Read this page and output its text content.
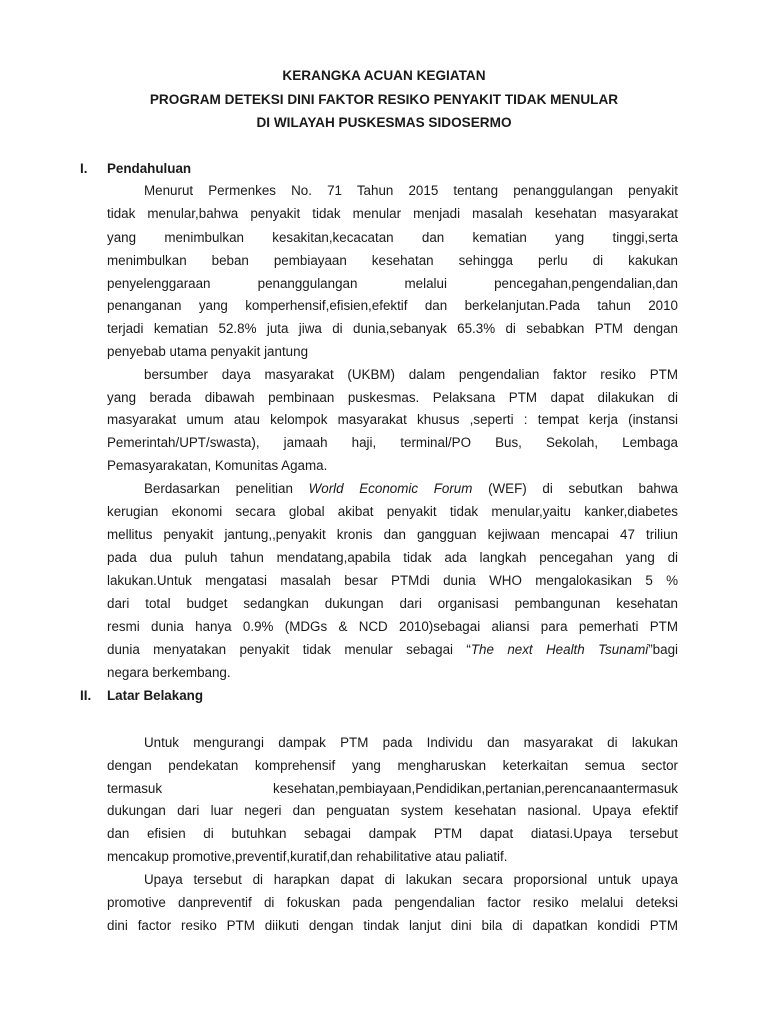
KERANGKA ACUAN KEGIATAN
PROGRAM DETEKSI DINI FAKTOR RESIKO PENYAKIT TIDAK MENULAR
DI WILAYAH PUSKESMAS SIDOSERMO
I. Pendahuluan
Menurut Permenkes No. 71 Tahun 2015 tentang penanggulangan penyakit
tidak menular,bahwa penyakit tidak menular menjadi masalah kesehatan masyarakat
yang menimbulkan kesakitan,kecacatan dan kematian yang tinggi,serta
menimbulkan beban pembiayaan kesehatan sehingga perlu di kakukan
penyelenggaraan penanggulangan melalui pencegahan,pengendalian,dan
penanganan yang komperhensif,efisien,efektif dan berkelanjutan.Pada tahun 2010
terjadi kematian 52.8% juta jiwa di dunia,sebanyak 65.3% di sebabkan PTM dengan
penyebab utama penyakit jantung
bersumber daya masyarakat (UKBM) dalam pengendalian faktor resiko PTM
yang berada dibawah pembinaan puskesmas. Pelaksana PTM dapat dilakukan di
masyarakat umum atau kelompok masyarakat khusus ,seperti : tempat kerja (instansi
Pemerintah/UPT/swasta), jamaah haji, terminal/PO Bus, Sekolah, Lembaga
Pemasyarakatan, Komunitas Agama.
Berdasarkan penelitian World Economic Forum (WEF) di sebutkan bahwa
kerugian ekonomi secara global akibat penyakit tidak menular,yaitu kanker,diabetes
mellitus penyakit jantung,,penyakit kronis dan gangguan kejiwaan mencapai 47 triliun
pada dua puluh tahun mendatang,apabila tidak ada langkah pencegahan yang di
lakukan.Untuk mengatasi masalah besar PTMdi dunia WHO mengalokasikan 5 %
dari total budget sedangkan dukungan dari organisasi pembangunan kesehatan
resmi dunia hanya 0.9% (MDGs & NCD 2010)sebagai aliansi para pemerhati PTM
dunia menyatakan penyakit tidak menular sebagai “The next Health Tsunami”bagi
negara berkembang.
II. Latar Belakang
Untuk mengurangi dampak PTM pada Individu dan masyarakat di lakukan
dengan pendekatan komprehensif yang mengharuskan keterkaitan semua sector
termasuk kesehatan,pembiayaan,Pendidikan,pertanian,perencanaantermasuk
dukungan dari luar negeri dan penguatan system kesehatan nasional. Upaya efektif
dan efisien di butuhkan sebagai dampak PTM dapat diatasi.Upaya tersebut
mencakup promotive,preventif,kuratif,dan rehabilitative atau paliatif.
Upaya tersebut di harapkan dapat di lakukan secara proporsional untuk upaya
promotive danpreventif di fokuskan pada pengendalian factor resiko melalui deteksi
dini factor resiko PTM diikuti dengan tindak lanjut dini bila di dapatkan kondidi PTM
